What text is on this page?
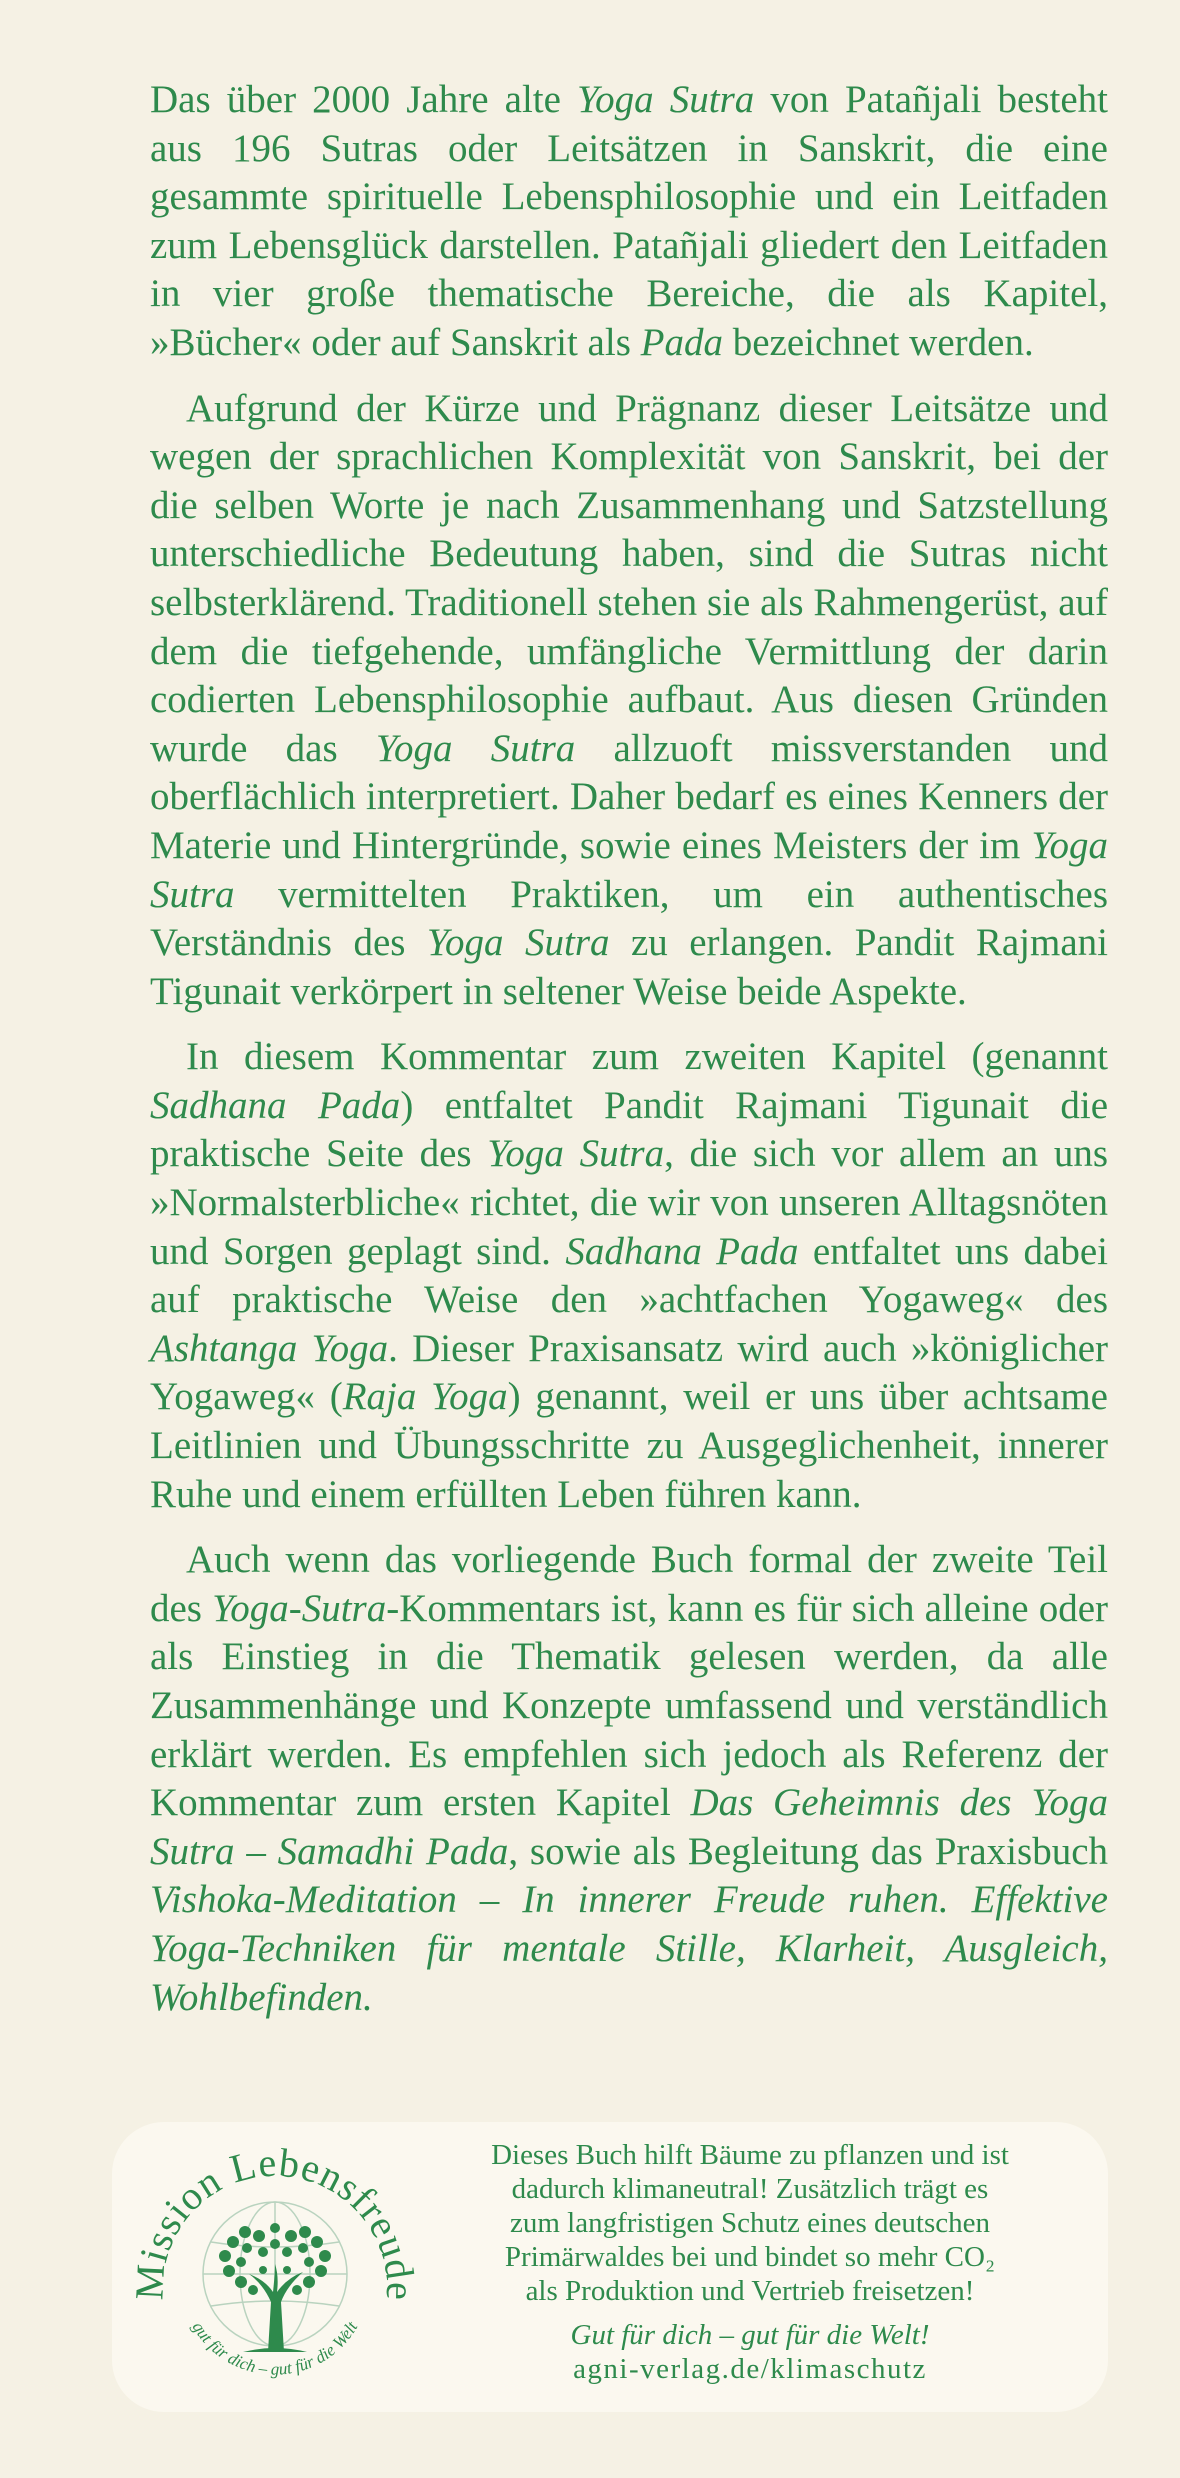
Das über 2000 Jahre alte Yoga Sutra von Patañjali besteht aus 196 Sutras oder Leitsätzen in Sanskrit, die eine gesammte spirituelle Lebensphilosophie und ein Leitfaden zum Lebensglück darstellen. Patañjali gliedert den Leitfaden in vier große thematische Bereiche, die als Kapitel, »Bücher« oder auf Sanskrit als Pada bezeichnet werden.

Aufgrund der Kürze und Prägnanz dieser Leitsätze und wegen der sprachlichen Komplexität von Sanskrit, bei der die selben Worte je nach Zusammenhang und Satzstellung unterschiedliche Bedeutung haben, sind die Sutras nicht selbsterklärend. Traditionell stehen sie als Rahmengerüst, auf dem die tiefgehende, umfängliche Vermittlung der darin codierten Lebensphilosophie aufbaut. Aus diesen Gründen wurde das Yoga Sutra allzuoft missverstanden und oberflächlich interpretiert. Daher bedarf es eines Kenners der Materie und Hintergründe, sowie eines Meisters der im Yoga Sutra vermittelten Praktiken, um ein authentisches Verständnis des Yoga Sutra zu erlangen. Pandit Rajmani Tigunait verkörpert in seltener Weise beide Aspekte.

In diesem Kommentar zum zweiten Kapitel (genannt Sadhana Pada) entfaltet Pandit Rajmani Tigunait die praktische Seite des Yoga Sutra, die sich vor allem an uns »Normalsterbliche« richtet, die wir von unseren Alltagsnöten und Sorgen geplagt sind. Sadhana Pada entfaltet uns dabei auf praktische Weise den »achtfachen Yogaweg« des Ashtanga Yoga. Dieser Praxisansatz wird auch »königlicher Yogaweg« (Raja Yoga) genannt, weil er uns über achtsame Leitlinien und Übungsschritte zu Ausgeglichenheit, innerer Ruhe und einem erfüllten Leben führen kann.

Auch wenn das vorliegende Buch formal der zweite Teil des Yoga-Sutra-Kommentars ist, kann es für sich alleine oder als Einstieg in die Thematik gelesen werden, da alle Zusammenhänge und Konzepte umfassend und verständlich erklärt werden. Es empfehlen sich jedoch als Referenz der Kommentar zum ersten Kapitel Das Geheimnis des Yoga Sutra – Samadhi Pada, sowie als Begleitung das Praxisbuch Vishoka-Meditation – In innerer Freude ruhen. Effektive Yoga-Techniken für mentale Stille, Klarheit, Ausgleich, Wohlbefinden.

Mission Lebensfreude
gut für dich – gut für die Welt
Dieses Buch hilft Bäume zu pflanzen und ist
dadurch klimaneutral! Zusätzlich trägt es
zum langfristigen Schutz eines deutschen
Primärwaldes bei und bindet so mehr CO₂
als Produktion und Vertrieb freisetzen!
Gut für dich – gut für die Welt!
agni-verlag.de/klimaschutz
